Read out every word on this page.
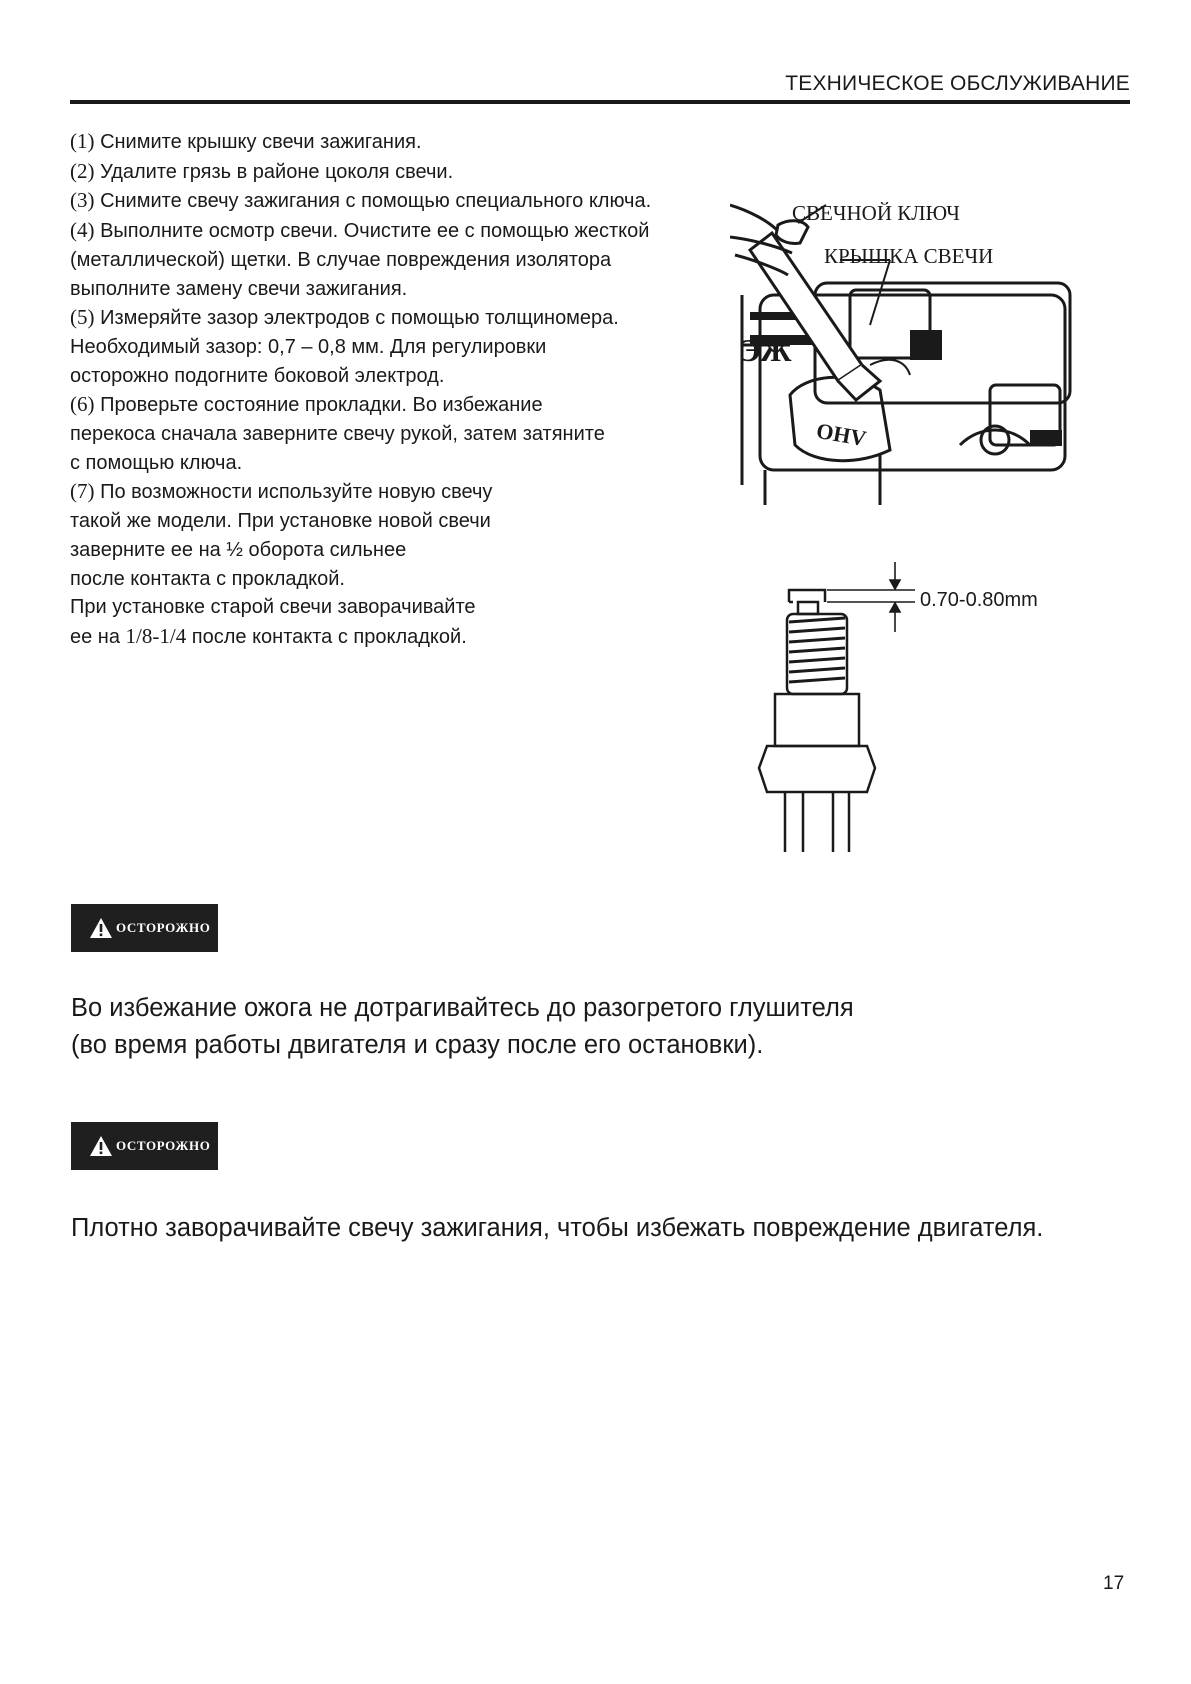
ТЕХНИЧЕСКОЕ ОБСЛУЖИВАНИЕ
(1) Снимите крышку свечи зажигания.
(2) Удалите грязь в районе цоколя свечи.
(3) Снимите свечу зажигания с помощью специального ключа.
(4) Выполните осмотр свечи. Очистите ее с помощью жесткой
(металлической) щетки. В случае повреждения изолятора
выполните замену свечи зажигания.
(5) Измеряйте зазор электродов с помощью толщиномера.
Необходимый зазор: 0,7 – 0,8 мм. Для регулировки
осторожно подогните боковой электрод.
(6) Проверьте состояние прокладки. Во избежание
перекоса сначала заверните свечу рукой, затем затяните
с помощью ключа.
(7) По возможности используйте новую свечу
такой же модели. При установке новой свечи
заверните ее на ½ оборота сильнее
после контакта с прокладкой.
При установке старой свечи заворачивайте
ее на 1/8-1/4 после контакта с прокладкой.
ЭЖ
OHV
СВЕЧНОЙ КЛЮЧ
КРЫШКА СВЕЧИ
0.70-0.80mm
ОСТОРОЖНО
Во избежание ожога не дотрагивайтесь до разогретого глушителя
(во время работы двигателя и сразу после его остановки).
ОСТОРОЖНО
Плотно заворачивайте свечу зажигания, чтобы избежать повреждение двигателя.
17
